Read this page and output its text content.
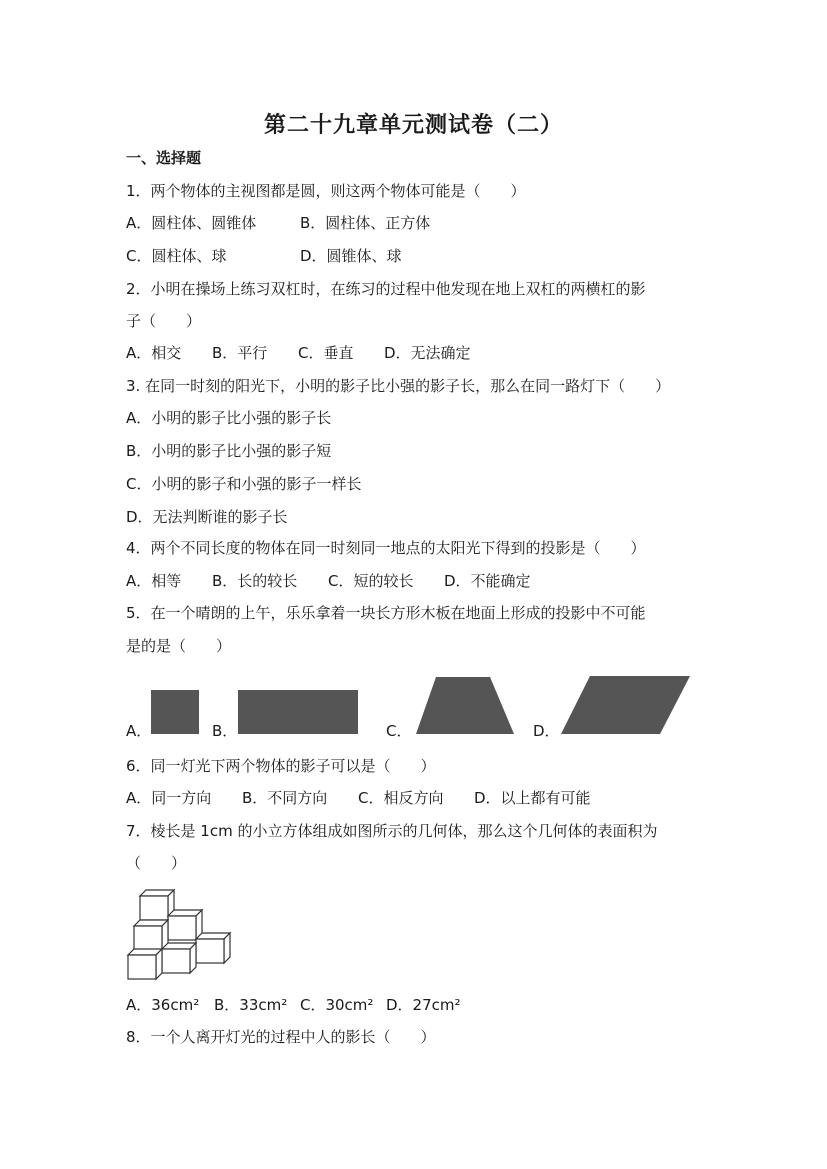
第二十九章单元测试卷（二）
一、选择题
1．两个物体的主视图都是圆，则这两个物体可能是（　　）
A．圆柱体、圆锥体	B．圆柱体、正方体
C．圆柱体、球	D．圆锥体、球
2．小明在操场上练习双杠时，在练习的过程中他发现在地上双杠的两横杠的影
子（　　）
A．相交 B．平行 C．垂直 D．无法确定
3. 在同一时刻的阳光下，小明的影子比小强的影子长，那么在同一路灯下（　　）
A．小明的影子比小强的影子长
B．小明的影子比小强的影子短
C．小明的影子和小强的影子一样长
D．无法判断谁的影子长
4．两个不同长度的物体在同一时刻同一地点的太阳光下得到的投影是（　　）
A．相等 B．长的较长 C．短的较长 D．不能确定
5．在一个晴朗的上午，乐乐拿着一块长方形木板在地面上形成的投影中不可能
是的是（　　）
A．	B．	C．	D．
6．同一灯光下两个物体的影子可以是（　　）
A．同一方向 B．不同方向 C．相反方向 D．以上都有可能
7．棱长是 1cm 的小立方体组成如图所示的几何体，那么这个几何体的表面积为
（　　）
A．36cm² B．33cm² C．30cm² D．27cm²
8．一个人离开灯光的过程中人的影长（　　）
